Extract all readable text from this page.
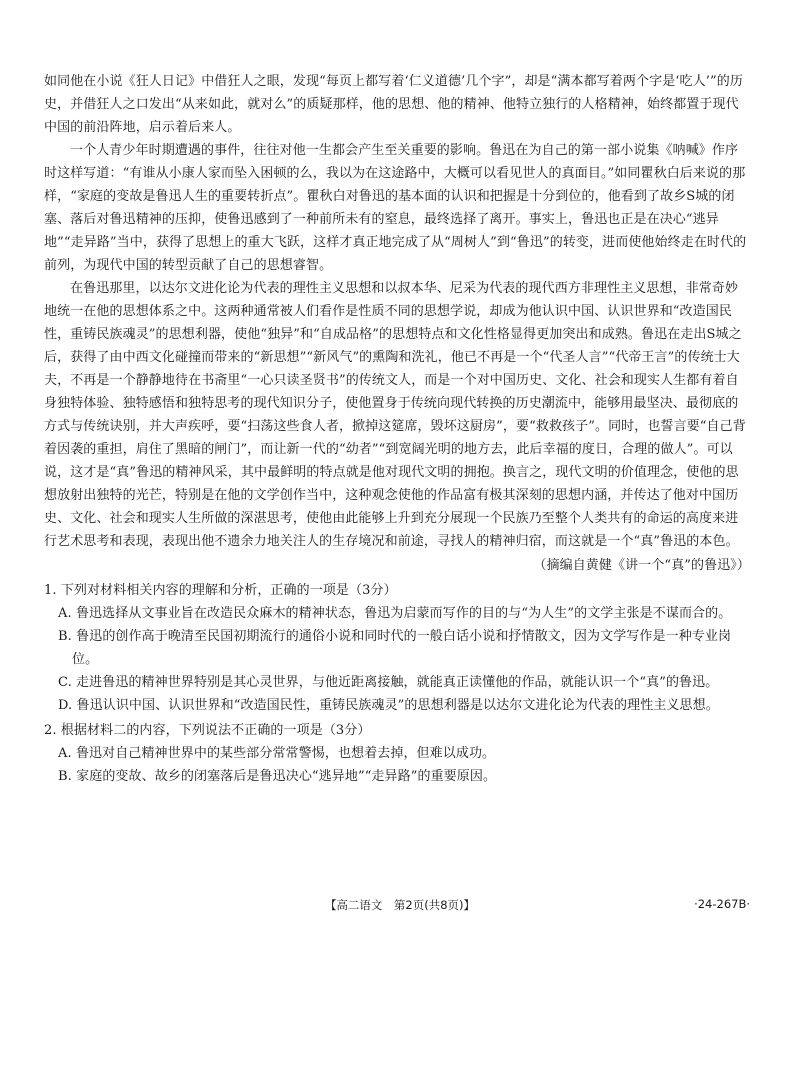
如同他在小说《狂人日记》中借狂人之眼，发现“每页上都写着‘仁义道德’几个字”，却是“满本都写着两个字是‘吃人’”的历史，并借狂人之口发出“从来如此，就对么”的质疑那样，他的思想、他的精神、他特立独行的人格精神，始终都置于现代中国的前沿阵地，启示着后来人。

一个人青少年时期遭遇的事件，往往对他一生都会产生至关重要的影响。鲁迅在为自己的第一部小说集《呐喊》作序时这样写道：“有谁从小康人家而坠入困顿的么，我以为在这途路中，大概可以看见世人的真面目。”如同瞿秋白后来说的那样，“家庭的变故是鲁迅人生的重要转折点”。瞿秋白对鲁迅的基本面的认识和把握是十分到位的，他看到了故乡S城的闭塞、落后对鲁迅精神的压抑，使鲁迅感到了一种前所未有的窒息，最终选择了离开。事实上，鲁迅也正是在决心“逃异地”“走异路”当中，获得了思想上的重大飞跃，这样才真正地完成了从“周树人”到“鲁迅”的转变，进而使他始终走在时代的前列，为现代中国的转型贡献了自己的思想睿智。

在鲁迅那里，以达尔文进化论为代表的理性主义思想和以叔本华、尼采为代表的现代西方非理性主义思想，非常奇妙地统一在他的思想体系之中。这两种通常被人们看作是性质不同的思想学说，却成为他认识中国、认识世界和“改造国民性，重铸民族魂灵”的思想利器，使他“独异”和“自成品格”的思想特点和文化性格显得更加突出和成熟。鲁迅在走出S城之后，获得了由中西文化碰撞而带来的“新思想”“新风气”的熏陶和洗礼，他已不再是一个“代圣人言”“代帝王言”的传统士大夫，不再是一个静静地待在书斋里“一心只读圣贤书”的传统文人，而是一个对中国历史、文化、社会和现实人生都有着自身独特体验、独特感悟和独特思考的现代知识分子，使他置身于传统向现代转换的历史潮流中，能够用最坚决、最彻底的方式与传统诀别，并大声疾呼，要“扫荡这些食人者，掀掉这筵席，毁坏这厨房”，要“救救孩子”。同时，也誓言要“自己背着因袭的重担，肩住了黑暗的闸门”，而让新一代的“幼者”“到宽阔光明的地方去，此后幸福的度日，合理的做人”。可以说，这才是“真”鲁迅的精神风采，其中最鲜明的特点就是他对现代文明的拥抱。换言之，现代文明的价值理念，使他的思想放射出独特的光芒，特别是在他的文学创作当中，这种观念使他的作品富有极其深刻的思想内涵，并传达了他对中国历史、文化、社会和现实人生所做的深湛思考，使他由此能够上升到充分展现一个民族乃至整个人类共有的命运的高度来进行艺术思考和表现，表现出他不遗余力地关注人的生存境况和前途，寻找人的精神归宿，而这就是一个“真”鲁迅的本色。

（摘编自黄健《讲一个“真”的鲁迅》）

1. 下列对材料相关内容的理解和分析，正确的一项是（3分）

A. 鲁迅选择从文事业旨在改造民众麻木的精神状态，鲁迅为启蒙而写作的目的与“为人生”的文学主张是不谋而合的。

B. 鲁迅的创作高于晚清至民国初期流行的通俗小说和同时代的一般白话小说和抒情散文，因为文学写作是一种专业岗位。

C. 走进鲁迅的精神世界特别是其心灵世界，与他近距离接触，就能真正读懂他的作品，就能认识一个“真”的鲁迅。

D. 鲁迅认识中国、认识世界和“改造国民性，重铸民族魂灵”的思想利器是以达尔文进化论为代表的理性主义思想。

2. 根据材料二的内容，下列说法不正确的一项是（3分）

A. 鲁迅对自己精神世界中的某些部分常常警惕，也想着去掉，但难以成功。

B. 家庭的变故、故乡的闭塞落后是鲁迅决心“逃异地”“走异路”的重要原因。

【高二语文　第2页(共8页)】	·24-267B·
